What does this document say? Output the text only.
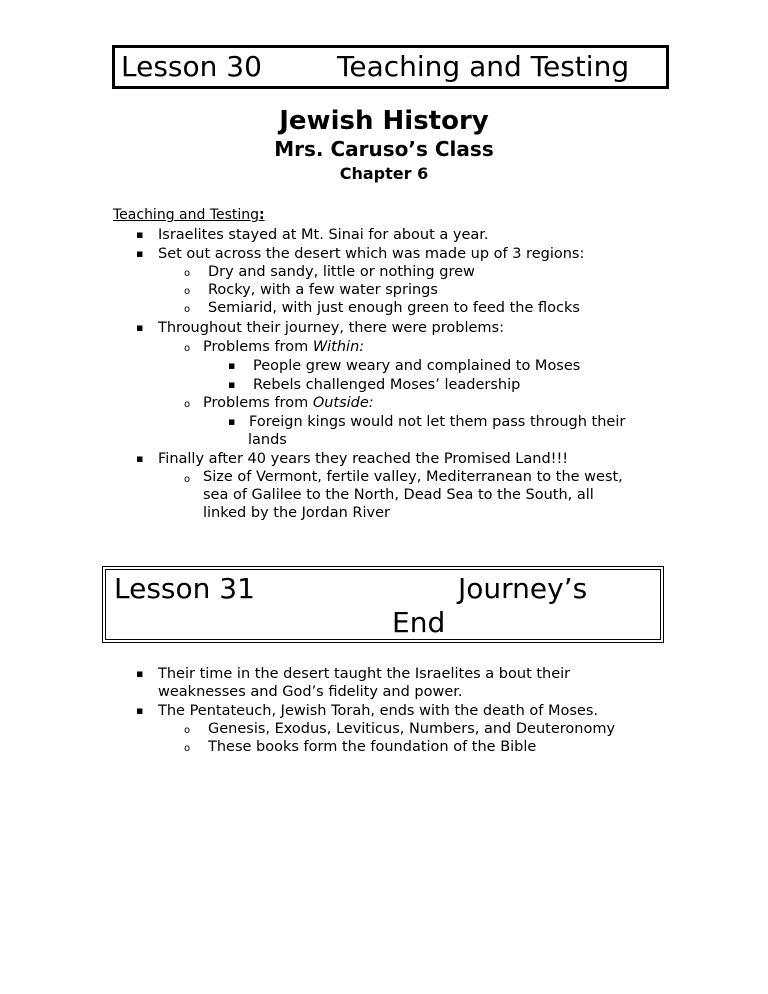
Lesson 30	Teaching and Testing
Jewish History
Mrs. Caruso’s Class
Chapter 6
Teaching and Testing:
▪ Israelites stayed at Mt. Sinai for about a year.
▪ Set out across the desert which was made up of 3 regions:
o Dry and sandy, little or nothing grew
o Rocky, with a few water springs
o Semiarid, with just enough green to feed the flocks
▪ Throughout their journey, there were problems:
o Problems from Within:
▪ People grew weary and complained to Moses
▪ Rebels challenged Moses’ leadership
o Problems from Outside:
▪ Foreign kings would not let them pass through their
lands
▪ Finally after 40 years they reached the Promised Land!!!
o Size of Vermont, fertile valley, Mediterranean to the west,
sea of Galilee to the North, Dead Sea to the South, all
linked by the Jordan River
Lesson 31	Journey’s
End
▪ Their time in the desert taught the Israelites a bout their
weaknesses and God’s fidelity and power.
▪ The Pentateuch, Jewish Torah, ends with the death of Moses.
o Genesis, Exodus, Leviticus, Numbers, and Deuteronomy
o These books form the foundation of the Bible
